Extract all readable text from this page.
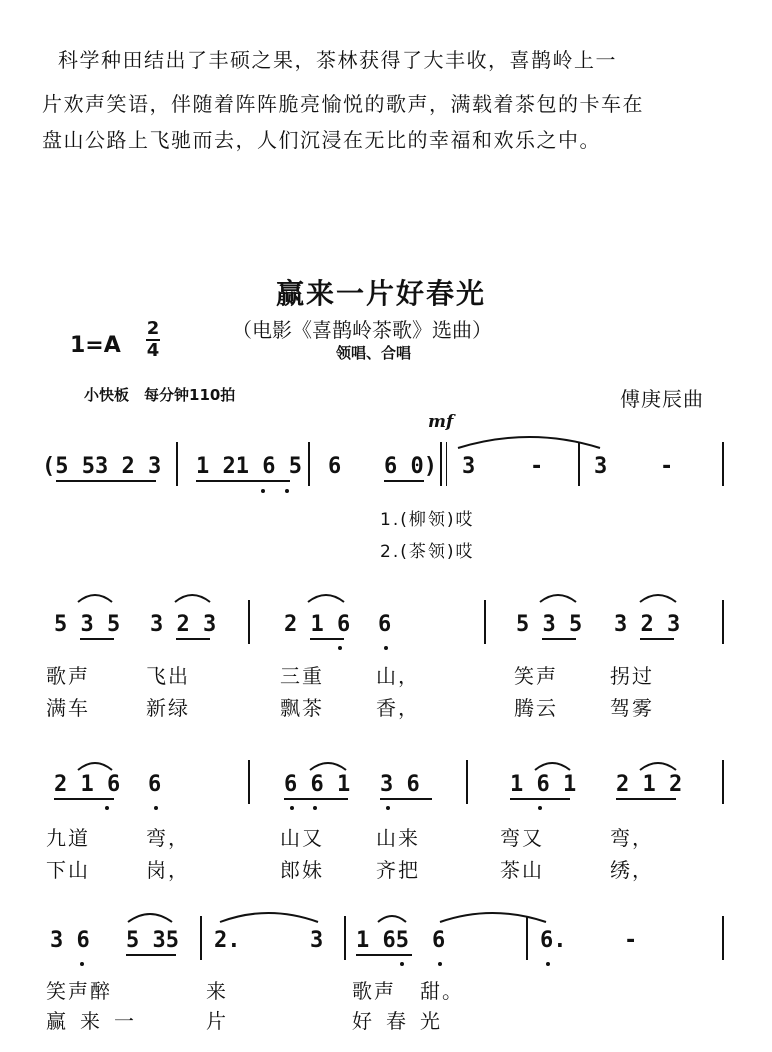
科学种田结出了丰硕之果，茶林获得了大丰收，喜鹊岭上一
片欢声笑语，伴随着阵阵脆亮愉悦的歌声，满载着茶包的卡车在
盘山公路上飞驰而去，人们沉浸在无比的幸福和欢乐之中。
赢来一片好春光
（电影《喜鹊岭茶歌》选曲）
1=A
2
4	领唱、合唱
小快板　每分钟110拍	傅庚辰曲
mf
(5 53 2 3 1 21 6 5 6 6 0) 3 - 3 -
1.(柳领)哎
2.(茶领)哎
5 3 5 3 2 3	2 1 6 6	5 3 5 3 2 3
歌声	飞出	三重	山，	笑声	拐过
满车	新绿	飘茶	香，	腾云	驾雾
2 1 6 6	6 6 1 3 6	1 6 1 2 1 2
九道	弯，	山又	山来	弯又	弯，
下山	岗，	郎妹	齐把	茶山	绣，
3 6 5 35 2.	3 1 65 6	6.	-
笑声醉	来	歌声 甜。
赢来一	片	好春光
